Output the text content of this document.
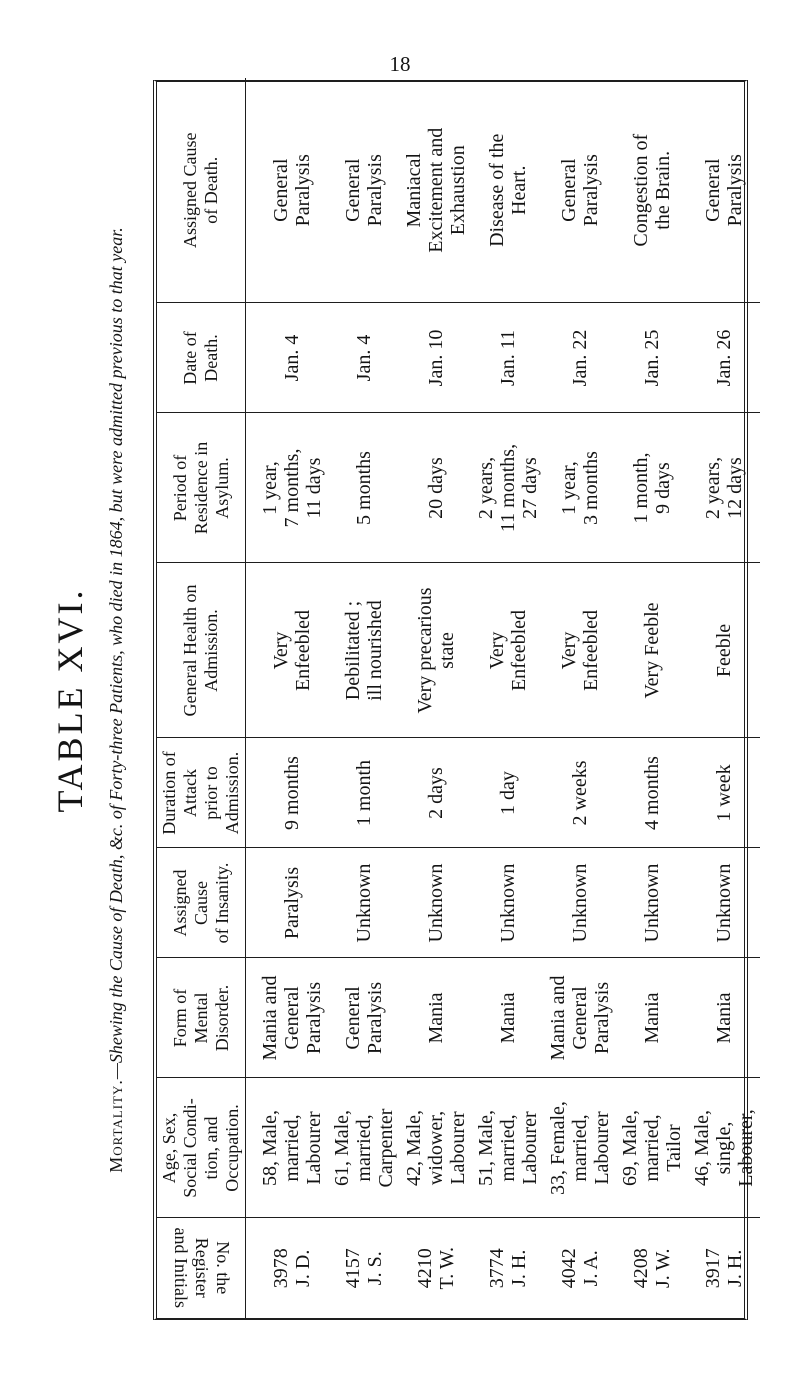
18
TABLE XVI.
Mortality.—Shewing the Cause of Death, &c. of Forty-three Patients, who died in 1864, but were admitted previous to that year.
No. the
Register
and Initials	Age, Sex,
Social Condi-
tion, and
Occupation.	Form of
Mental
Disorder.	Assigned
Cause
of Insanity.	Duration of
Attack
prior to
Admission.	General Health on
Admission.	Period of
Residence in
Asylum.	Date of
Death.	Assigned Cause
of Death.
3978
J. D.	58, Male,
married,
Labourer	Mania and
General
Paralysis	Paralysis	9 months	Very
Enfeebled	1 year,
7 months,
11 days	Jan. 4	General
Paralysis
4157
J. S.	61, Male,
married,
Carpenter	General
Paralysis	Unknown	1 month	Debilitated ;
ill nourished	5 months	Jan. 4	General
Paralysis
4210
T. W.	42, Male,
widower,
Labourer	Mania	Unknown	2 days	Very precarious
state	20 days	Jan. 10	Maniacal
Excitement and
Exhaustion
3774
J. H.	51, Male,
married,
Labourer	Mania	Unknown	1 day	Very
Enfeebled	2 years,
11 months,
27 days	Jan. 11	Disease of the
Heart.
4042
J. A.	33, Female,
married,
Labourer	Mania and
General
Paralysis	Unknown	2 weeks	Very
Enfeebled	1 year,
3 months	Jan. 22	General
Paralysis
4208
J. W.	69, Male,
married,
Tailor	Mania	Unknown	4 months	Very Feeble	1 month,
9 days	Jan. 25	Congestion of
the Brain.
3917
J. H.	46, Male,
single,
Labourer,	Mania	Unknown	1 week	Feeble	2 years,
12 days	Jan. 26	General
Paralysis
